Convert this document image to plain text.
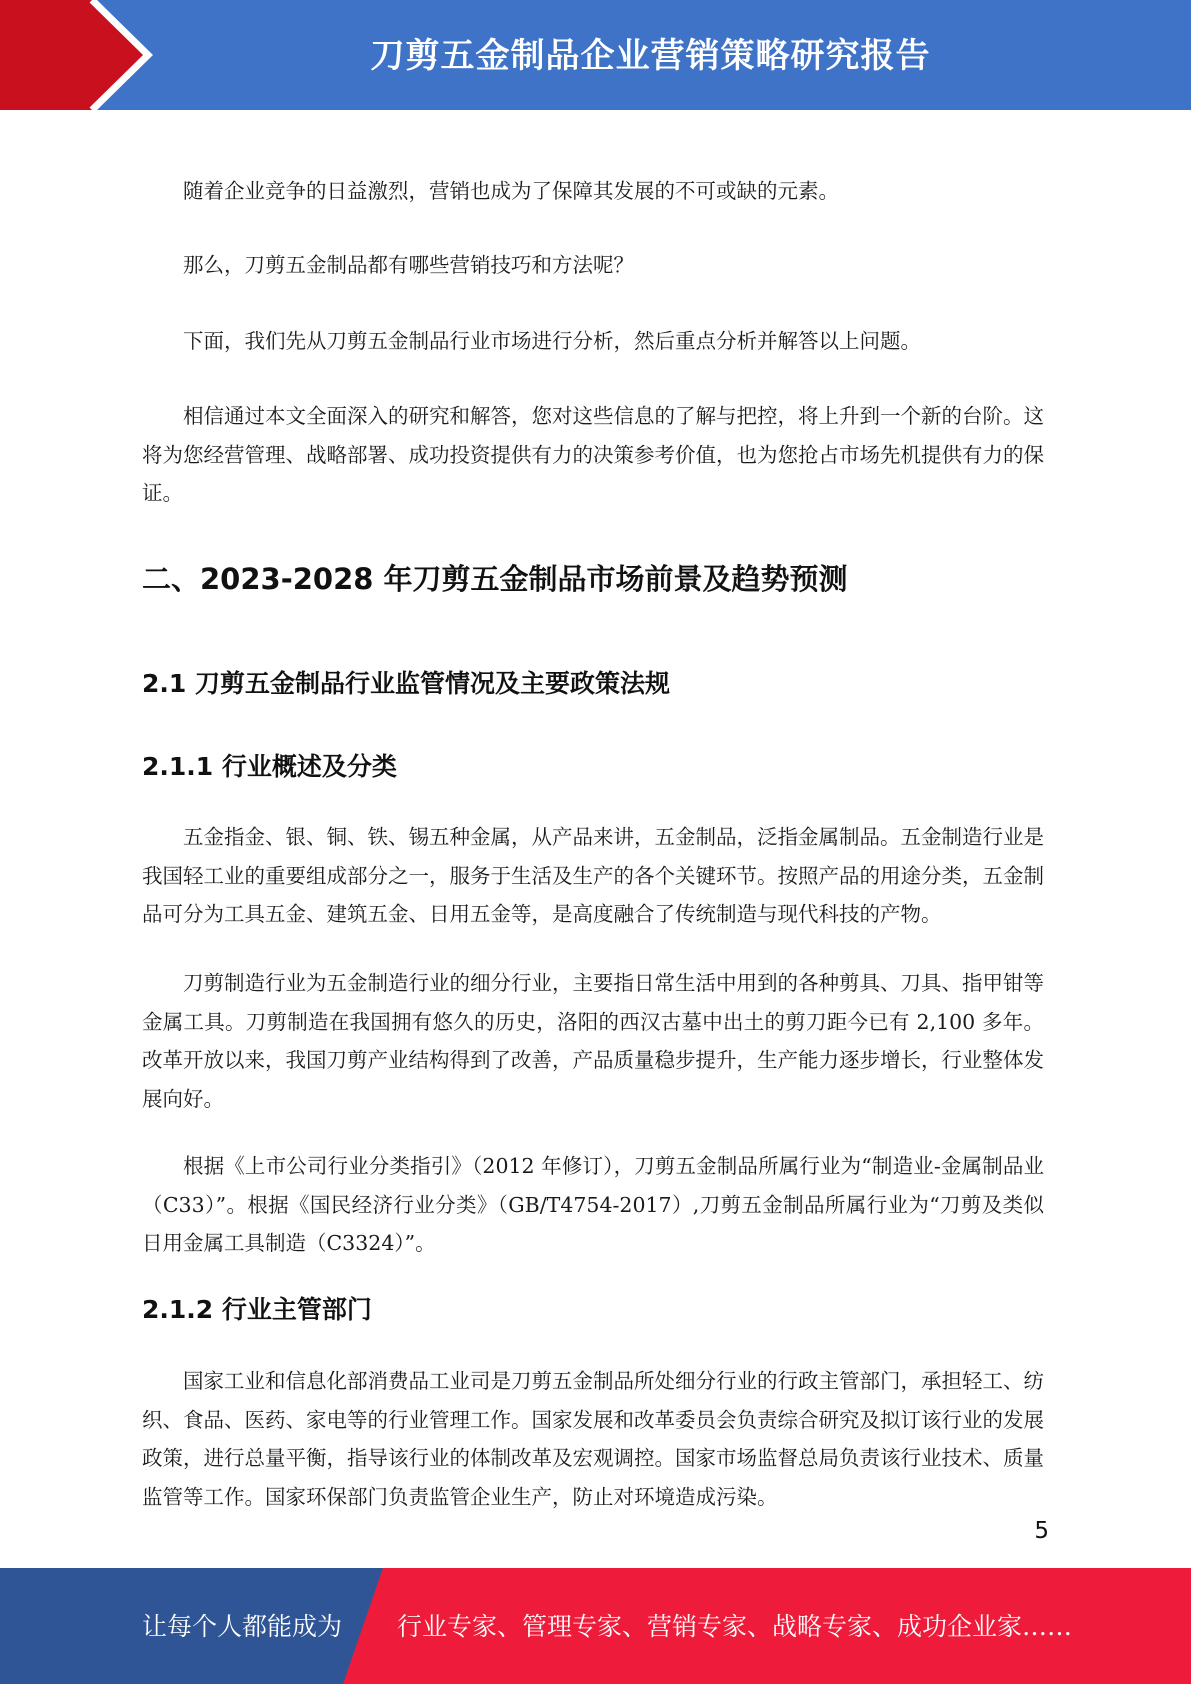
刀剪五金制品企业营销策略研究报告

随着企业竞争的日益激烈，营销也成为了保障其发展的不可或缺的元素。

那么，刀剪五金制品都有哪些营销技巧和方法呢？

下面，我们先从刀剪五金制品行业市场进行分析，然后重点分析并解答以上问题。

相信通过本文全面深入的研究和解答，您对这些信息的了解与把控，将上升到一个新的台阶。这将为您经营管理、战略部署、成功投资提供有力的决策参考价值，也为您抢占市场先机提供有力的保证。

二、2023-2028 年刀剪五金制品市场前景及趋势预测
2.1 刀剪五金制品行业监管情况及主要政策法规
2.1.1 行业概述及分类

五金指金、银、铜、铁、锡五种金属，从产品来讲，五金制品，泛指金属制品。五金制造行业是我国轻工业的重要组成部分之一，服务于生活及生产的各个关键环节。按照产品的用途分类，五金制品可分为工具五金、建筑五金、日用五金等，是高度融合了传统制造与现代科技的产物。

刀剪制造行业为五金制造行业的细分行业，主要指日常生活中用到的各种剪具、刀具、指甲钳等金属工具。刀剪制造在我国拥有悠久的历史，洛阳的西汉古墓中出土的剪刀距今已有 2,100 多年。改革开放以来，我国刀剪产业结构得到了改善，产品质量稳步提升，生产能力逐步增长，行业整体发展向好。

根据《上市公司行业分类指引》（2012 年修订），刀剪五金制品所属行业为“制造业-金属制品业（C33）”。根据《国民经济行业分类》（GB/T4754-2017）,刀剪五金制品所属行业为“刀剪及类似日用金属工具制造（C3324）”。

2.1.2 行业主管部门

国家工业和信息化部消费品工业司是刀剪五金制品所处细分行业的行政主管部门，承担轻工、纺织、食品、医药、家电等的行业管理工作。国家发展和改革委员会负责综合研究及拟订该行业的发展政策，进行总量平衡，指导该行业的体制改革及宏观调控。国家市场监督总局负责该行业技术、质量监管等工作。国家环保部门负责监管企业生产，防止对环境造成污染。

5
让每个人都能成为 行业专家、管理专家、营销专家、战略专家、成功企业家……
